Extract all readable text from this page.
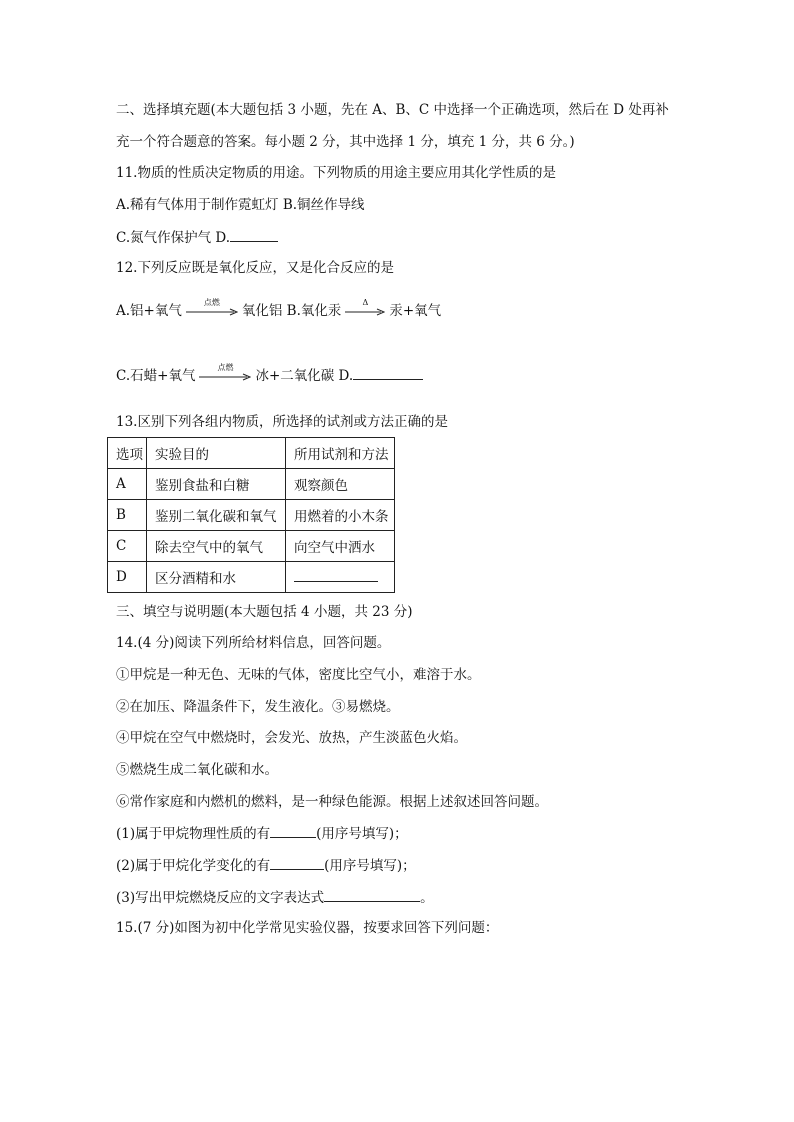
二、选择填充题(本大题包括 3 小题，先在 A、B、C 中选择一个正确选项，然后在 D 处再补
充一个符合题意的答案。每小题 2 分，其中选择 1 分，填充 1 分，共 6 分。)
11.物质的性质决定物质的用途。下列物质的用途主要应用其化学性质的是
A.稀有气体用于制作霓虹灯 B.铜丝作导线
C.氮气作保护气 D.
12.下列反应既是氧化反应，又是化合反应的是
A.铝+氧气
点燃
氧化铝 B.氧化汞
Δ
汞+氧气
C.石蜡+氧气
点燃
冰+二氧化碳 D.
13.区别下列各组内物质，所选择的试剂或方法正确的是
选项	实验目的	所用试剂和方法
A	鉴别食盐和白糖	观察颜色
B	鉴别二氧化碳和氧气	用燃着的小木条
C	除去空气中的氧气	向空气中洒水
D	区分酒精和水	
三、填空与说明题(本大题包括 4 小题，共 23 分)
14.(4 分)阅读下列所给材料信息，回答问题。
①甲烷是一种无色、无味的气体，密度比空气小，难溶于水。
②在加压、降温条件下，发生液化。③易燃烧。
④甲烷在空气中燃烧时，会发光、放热，产生淡蓝色火焰。
⑤燃烧生成二氧化碳和水。
⑥常作家庭和内燃机的燃料，是一种绿色能源。根据上述叙述回答问题。
(1)属于甲烷物理性质的有	(用序号填写)；
(2)属于甲烷化学变化的有	(用序号填写)；
(3)写出甲烷燃烧反应的文字表达式	。
15.(7 分)如图为初中化学常见实验仪器，按要求回答下列问题：
